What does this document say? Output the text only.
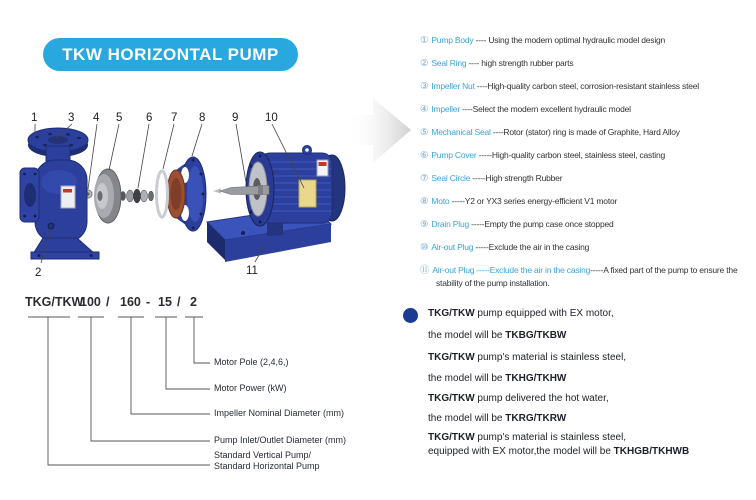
TKW HORIZONTAL PUMP
1	3 4 5 6 7 8 9 10
2	11
① Pump Body ---- Using the modern optimal hydraulic model design
② Seal Ring ---- high strength rubber parts
③ Impeller Nut ----High-quality carbon steel, corrosion-resistant stainless steel
④ Impeller ----Select the modern excellent hydraulic model
⑤ Mechanical Seal ----Rotor (stator) ring is made of Graphite, Hard Alloy
⑥ Pump Cover -----High-quality carbon steel, stainless steel, casting
⑦ Seal Circle -----High strength Rubber
⑧ Moto -----Y2 or YX3 series energy-efficient V1 motor
⑨ Drain Plug -----Empty the pump case once stopped
⑩ Air-out Plug -----Exclude the air in the casing
⑪ Air-out Plug -----Exclude the air in the casing-----A fixed part of the pump to ensure the stability of the pump installation.
TKG/TKW
100 / 160 - 15 / 2
Motor Pole (2,4,6,)
Motor Power (kW)
Impeller Nominal Diameter (mm)
Pump Inlet/Outlet Diameter (mm)
Standard Vertical Pump/
Standard Horizontal Pump
TKG/TKW pump equipped with EX motor,
the model will be TKBG/TKBW
TKG/TKW pump's material is stainless steel,
the model will be TKHG/TKHW
TKG/TKW pump delivered the hot water,
the model will be TKRG/TKRW
TKG/TKW pump's material is stainless steel,
equipped with EX motor,the model will be TKHGB/TKHWB
